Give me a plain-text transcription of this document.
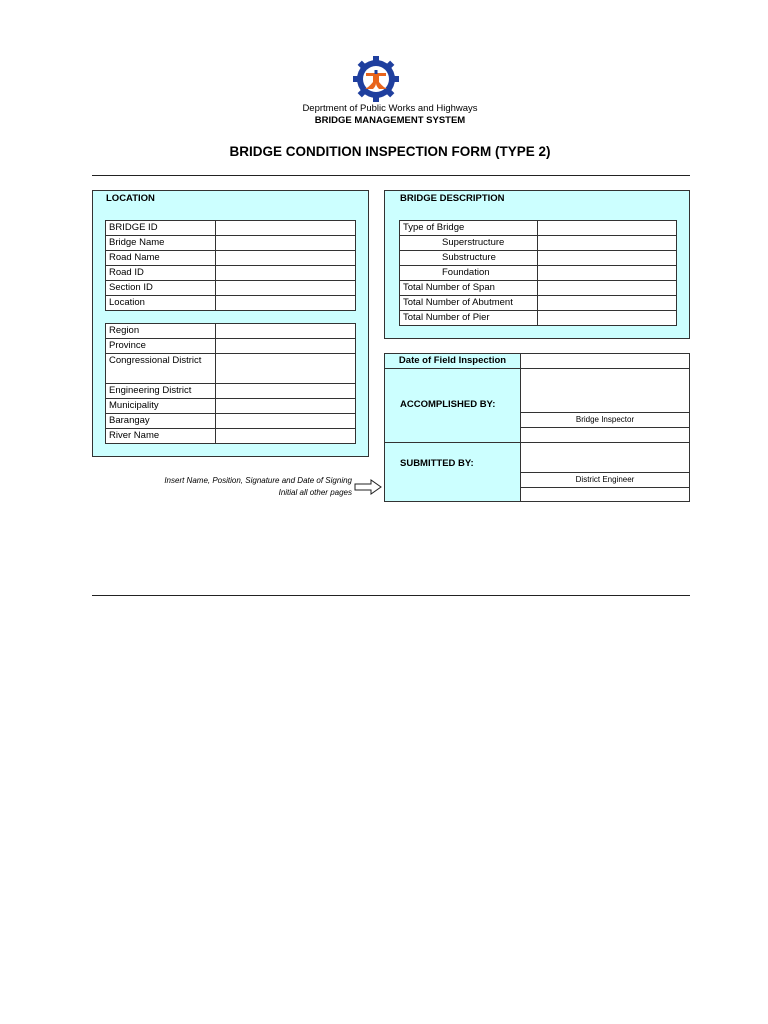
Deprtment of Public Works and Highways
BRIDGE MANAGEMENT SYSTEM
BRIDGE CONDITION INSPECTION FORM (TYPE 2)
LOCATION
BRIDGE ID	
Bridge Name	
Road Name	
Road ID	
Section ID	
Location	
Region	
Province	
Congressional District	
Engineering District	
Municipality	
Barangay	
River Name	
BRIDGE DESCRIPTION
Type of Bridge	
Superstructure	
Substructure	
Foundation	
Total Number of Span	
Total Number of Abutment	
Total Number of Pier	
Date of Field Inspection
ACCOMPLISHED BY:
Bridge Inspector
SUBMITTED BY:
District Engineer
Insert Name, Position, Signature and Date of Signing
Initial all other pages
